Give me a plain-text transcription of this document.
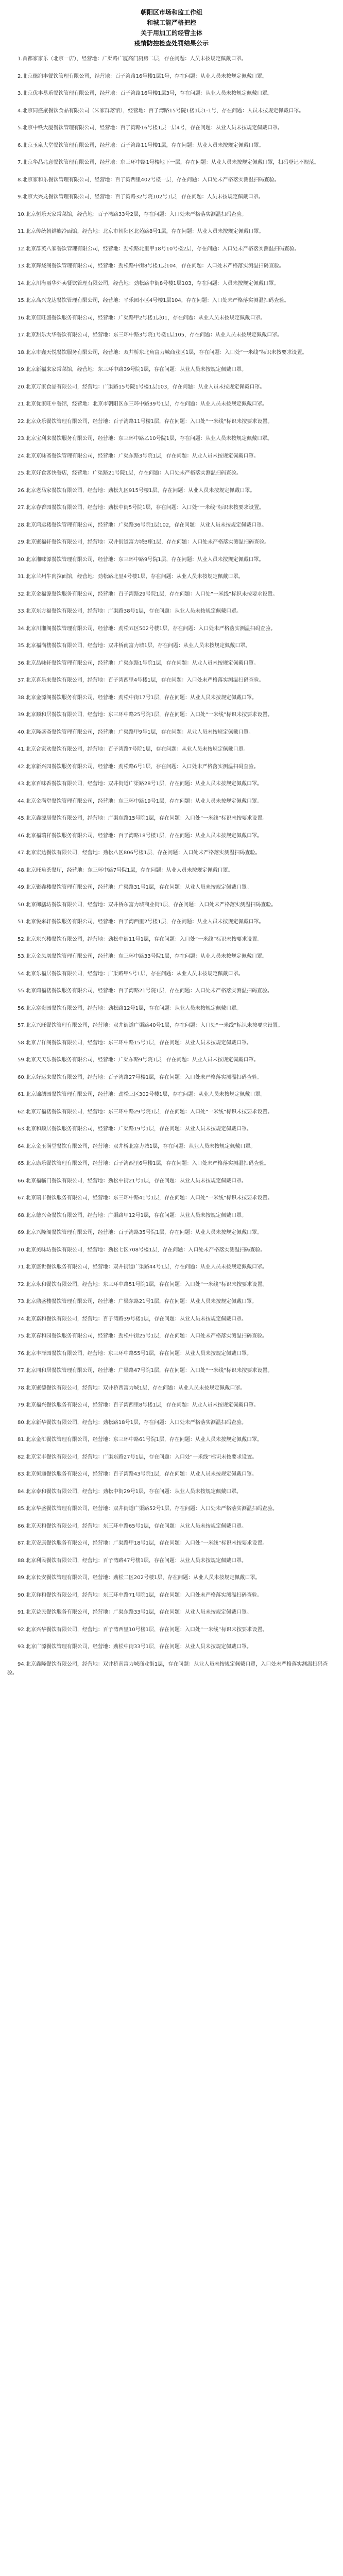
朝阳区市场和监工作组
和城工能严格把控
关于用加工的经营主体
疫情防控检查处罚结果公示

1.首都家家乐（北京一店），经营地：广渠路广厦高门厨房二层，存在问题：人员未按规定佩戴口罩。

2.北京德润丰餐饮管理有限公司，经营地：百子湾路16号楼1层1号，存在问题：从业人员未按规定佩戴口罩。

3.北京优丰易乐餐饮管理有限公司，经营地：百子湾路16号楼1层3号，存在问题：从业人员未按规定佩戴口罩。

4.北京同盛聚餐饮食品有限公司（朱家群落馆），经营地：百子湾路15号院1楼1层1-1号，存在问题：人员未按规定佩戴口罩。

5.北京中铁大厦餐饮管理有限公司，经营地：百子湾路16号楼1层一层4号，存在问题：从业人员未按规定佩戴口罩。

6.北京玉泉大堂餐饮管理有限公司，经营地：百子湾路11号楼1层，存在问题：从业人员未按规定佩戴口罩。

7.北京华品兆意餐饮管理有限公司，经营地：东三环中路1号楼地下一层，存在问题：从业人员未按规定佩戴口罩，扫码登记不规范。

8.北京家和乐餐饮管理有限公司，经营地：百子湾西里402号楼一层，存在问题：入口处未严格落实测温扫码查验。

9.北京大兴龙餐饮管理有限公司，经营地：百子湾路32号院102号1层，存在问题：人员未按规定佩戴口罩。

10.北京恒乐天家常菜馆，经营地：百子湾路33号2层，存在问题：入口处未严格落实测温扫码查验。

11.北京传统朝鲜族冷面馆，经营地：北京市朝阳区北苑路8号1层，存在问题：从业人员未按规定佩戴口罩。

12.北京群英八家餐饮管理有限公司，经营地：劲松路北里甲18号10号楼2层，存在问题：入口处未严格落实测温扫码查验。

13.北京辉烧阁餐饮管理有限公司，经营地：劲松路中街8号楼1层104，存在问题：入口处未严格落实测温扫码查验。

14.北京川海丽华外卖餐饮管理有限公司，经营地：劲松路中街8号楼1层103，存在问题：人员未按规定佩戴口罩。

15.北京高兴龙达餐饮管理有限公司，经营地：平乐园小区4号楼1层104，存在问题：入口处未严格落实测温扫码查验。

16.北京佳旺盛餐饮服务有限公司，经营地：广渠路甲2号楼1层01，存在问题：从业人员未按规定佩戴口罩。

17.北京甜乐大华餐饮有限公司，经营地：东三环中路3号院1号楼1层105，存在问题：从业人员未按规定佩戴口罩。

18.北京市鑫天悦餐饮服务有限公司，经营地：双井桥东北角富力城商业区1层，存在问题：入口处“一米线”标识未按要求设置。

19.北京新福来家常菜馆，经营地：东三环中路39号院1层，存在问题：从业人员未按规定佩戴口罩。

20.北京万家食品有限公司，经营地：广渠路15号院1号楼1层103，存在问题：从业人员未按规定佩戴口罩。

21.北京优家旺中餐馆，经营地：北京市朝阳区东三环中路39号1层，存在问题：从业人员未按规定佩戴口罩。

22.北京众乐餐饮管理有限公司，经营地：百子湾路11号楼1层，存在问题：入口处“一米线”标识未按要求设置。

23.北京宝利来餐饮服务有限公司，经营地：东三环中路乙10号院1层，存在问题：从业人员未按规定佩戴口罩。

24.北京京味斋餐饮管理有限公司，经营地：广渠东路3号院1层，存在问题：从业人员未按规定佩戴口罩。

25.北京好食客快餐店，经营地：广渠路21号院1层，存在问题：入口处未严格落实测温扫码查验。

26.北京老马家餐饮有限公司，经营地：劲松九区915号楼1层，存在问题：从业人员未按规定佩戴口罩。

27.北京春香园餐饮有限公司，经营地：劲松中街5号院1层，存在问题：入口处“一米线”标识未按要求设置。

28.北京鸿运楼餐饮管理有限公司，经营地：广渠路36号院1层102，存在问题：从业人员未按规定佩戴口罩。

29.北京聚福轩餐饮有限公司，经营地：双井街道富力城B座1层，存在问题：入口处未严格落实测温扫码查验。

30.北京湘味源餐饮管理有限公司，经营地：东三环中路9号院1层，存在问题：从业人员未按规定佩戴口罩。

31.北京兰州牛肉拉面馆，经营地：劲松路北里4号楼1层，存在问题：从业人员未按规定佩戴口罩。

32.北京金福源餐饮服务有限公司，经营地：百子湾路29号院1层，存在问题：入口处“一米线”标识未按要求设置。

33.北京东方福餐饮有限公司，经营地：广渠路38号1层，存在问题：从业人员未按规定佩戴口罩。

34.北京川湘阁餐饮管理有限公司，经营地：劲松五区502号楼1层，存在问题：入口处未严格落实测温扫码查验。

35.北京福满楼餐饮有限公司，经营地：双井桥南富力城1层，存在问题：从业人员未按规定佩戴口罩。

36.北京品味轩餐饮管理有限公司，经营地：广渠东路1号院1层，存在问题：从业人员未按规定佩戴口罩。

37.北京喜乐来餐饮有限公司，经营地：百子湾西里4号楼1层，存在问题：入口处未严格落实测温扫码查验。

38.北京金源阁餐饮服务有限公司，经营地：劲松中街17号1层，存在问题：从业人员未按规定佩戴口罩。

39.北京顺和居餐饮有限公司，经营地：东三环中路25号院1层，存在问题：入口处“一米线”标识未按要求设置。

40.北京隆盛斋餐饮管理有限公司，经营地：广渠路甲9号1层，存在问题：从业人员未按规定佩戴口罩。

41.北京合家欢餐饮有限公司，经营地：百子湾路7号院1层，存在问题：从业人员未按规定佩戴口罩。

42.北京新兴园餐饮服务有限公司，经营地：劲松路6号1层，存在问题：入口处未严格落实测温扫码查验。

43.北京百味香餐饮有限公司，经营地：双井街道广渠路28号1层，存在问题：从业人员未按规定佩戴口罩。

44.北京金满堂餐饮管理有限公司，经营地：东三环中路19号1层，存在问题：从业人员未按规定佩戴口罩。

45.北京鑫源居餐饮有限公司，经营地：广渠东路15号院1层，存在问题：入口处“一米线”标识未按要求设置。

46.北京福瑞祥餐饮服务有限公司，经营地：百子湾路18号楼1层，存在问题：从业人员未按规定佩戴口罩。

47.北京宏达餐饮有限公司，经营地：劲松八区806号楼1层，存在问题：入口处未严格落实测温扫码查验。

48.北京旺角茶餐厅，经营地：东三环中路7号院1层，存在问题：从业人员未按规定佩戴口罩。

49.北京聚鑫楼餐饮管理有限公司，经营地：广渠路31号1层，存在问题：从业人员未按规定佩戴口罩。

50.北京御膳坊餐饮有限公司，经营地：双井桥东富力城商业街1层，存在问题：入口处未严格落实测温扫码查验。

51.北京悦来轩餐饮服务有限公司，经营地：百子湾西里2号楼1层，存在问题：从业人员未按规定佩戴口罩。

52.北京东兴楼餐饮有限公司，经营地：劲松中街11号1层，存在问题：入口处“一米线”标识未按要求设置。

53.北京金凤凰餐饮管理有限公司，经营地：东三环中路33号院1层，存在问题：从业人员未按规定佩戴口罩。

54.北京乐福居餐饮有限公司，经营地：广渠路甲5号1层，存在问题：从业人员未按规定佩戴口罩。

55.北京鸿福楼餐饮服务有限公司，经营地：百子湾路21号院1层，存在问题：入口处未严格落实测温扫码查验。

56.北京富贵园餐饮有限公司，经营地：劲松路12号1层，存在问题：从业人员未按规定佩戴口罩。

57.北京兴旺餐饮管理有限公司，经营地：双井街道广渠路40号1层，存在问题：入口处“一米线”标识未按要求设置。

58.北京吉祥阁餐饮有限公司，经营地：东三环中路15号1层，存在问题：从业人员未按规定佩戴口罩。

59.北京天天乐餐饮服务有限公司，经营地：广渠东路9号院1层，存在问题：从业人员未按规定佩戴口罩。

60.北京好运来餐饮有限公司，经营地：百子湾路27号楼1层，存在问题：入口处未严格落实测温扫码查验。

61.北京锦绣园餐饮管理有限公司，经营地：劲松三区302号楼1层，存在问题：从业人员未按规定佩戴口罩。

62.北京万福楼餐饮有限公司，经营地：东三环中路29号院1层，存在问题：入口处“一米线”标识未按要求设置。

63.北京和顺居餐饮服务有限公司，经营地：广渠路19号1层，存在问题：从业人员未按规定佩戴口罩。

64.北京金玉满堂餐饮有限公司，经营地：双井桥北富力城1层，存在问题：从业人员未按规定佩戴口罩。

65.北京康乐餐饮管理有限公司，经营地：百子湾西里6号楼1层，存在问题：入口处未严格落实测温扫码查验。

66.北京福临门餐饮有限公司，经营地：劲松中街21号1层，存在问题：从业人员未按规定佩戴口罩。

67.北京瑞丰餐饮服务有限公司，经营地：东三环中路41号1层，存在问题：入口处“一米线”标识未按要求设置。

68.北京德兴斋餐饮有限公司，经营地：广渠路甲12号1层，存在问题：从业人员未按规定佩戴口罩。

69.北京兴隆阁餐饮管理有限公司，经营地：百子湾路35号院1层，存在问题：从业人员未按规定佩戴口罩。

70.北京美味坊餐饮有限公司，经营地：劲松七区708号楼1层，存在问题：入口处未严格落实测温扫码查验。

71.北京盛世餐饮服务有限公司，经营地：双井街道广渠路44号1层，存在问题：从业人员未按规定佩戴口罩。

72.北京永和餐饮有限公司，经营地：东三环中路51号院1层，存在问题：入口处“一米线”标识未按要求设置。

73.北京鼎盛楼餐饮管理有限公司，经营地：广渠东路21号1层，存在问题：从业人员未按规定佩戴口罩。

74.北京嘉和餐饮有限公司，经营地：百子湾路39号楼1层，存在问题：从业人员未按规定佩戴口罩。

75.北京春和园餐饮服务有限公司，经营地：劲松中街25号1层，存在问题：入口处未严格落实测温扫码查验。

76.北京丰泽园餐饮有限公司，经营地：东三环中路55号1层，存在问题：从业人员未按规定佩戴口罩。

77.北京同和居餐饮管理有限公司，经营地：广渠路47号院1层，存在问题：入口处“一米线”标识未按要求设置。

78.北京聚德餐饮有限公司，经营地：双井桥西富力城1层，存在问题：从业人员未按规定佩戴口罩。

79.北京福兴餐饮服务有限公司，经营地：百子湾西里8号楼1层，存在问题：从业人员未按规定佩戴口罩。

80.北京新华餐饮有限公司，经营地：劲松路18号1层，存在问题：入口处未严格落实测温扫码查验。

81.北京金汇餐饮管理有限公司，经营地：东三环中路61号院1层，存在问题：从业人员未按规定佩戴口罩。

82.北京宝丰餐饮有限公司，经营地：广渠东路27号1层，存在问题：入口处“一米线”标识未按要求设置。

83.北京恒通餐饮服务有限公司，经营地：百子湾路43号院1层，存在问题：从业人员未按规定佩戴口罩。

84.北京泰和餐饮有限公司，经营地：劲松中街29号1层，存在问题：从业人员未按规定佩戴口罩。

85.北京华盛餐饮管理有限公司，经营地：双井街道广渠路52号1层，存在问题：入口处未严格落实测温扫码查验。

86.北京天和餐饮有限公司，经营地：东三环中路65号1层，存在问题：从业人员未按规定佩戴口罩。

87.北京安康餐饮服务有限公司，经营地：广渠路甲18号1层，存在问题：入口处“一米线”标识未按要求设置。

88.北京利民餐饮有限公司，经营地：百子湾路47号楼1层，存在问题：从业人员未按规定佩戴口罩。

89.北京长安餐饮管理有限公司，经营地：劲松二区202号楼1层，存在问题：从业人员未按规定佩戴口罩。

90.北京祥和餐饮有限公司，经营地：东三环中路71号院1层，存在问题：入口处未严格落实测温扫码查验。

91.北京益民餐饮服务有限公司，经营地：广渠东路33号1层，存在问题：从业人员未按规定佩戴口罩。

92.北京兴华餐饮有限公司，经营地：百子湾西里10号楼1层，存在问题：入口处“一米线”标识未按要求设置。

93.北京广源餐饮管理有限公司，经营地：劲松中街33号1层，存在问题：从业人员未按规定佩戴口罩。

94.北京鑫隆餐饮有限公司，经营地：双井桥南富力城商业街1层，存在问题：从业人员未按规定佩戴口罩，入口处未严格落实测温扫码查验。
